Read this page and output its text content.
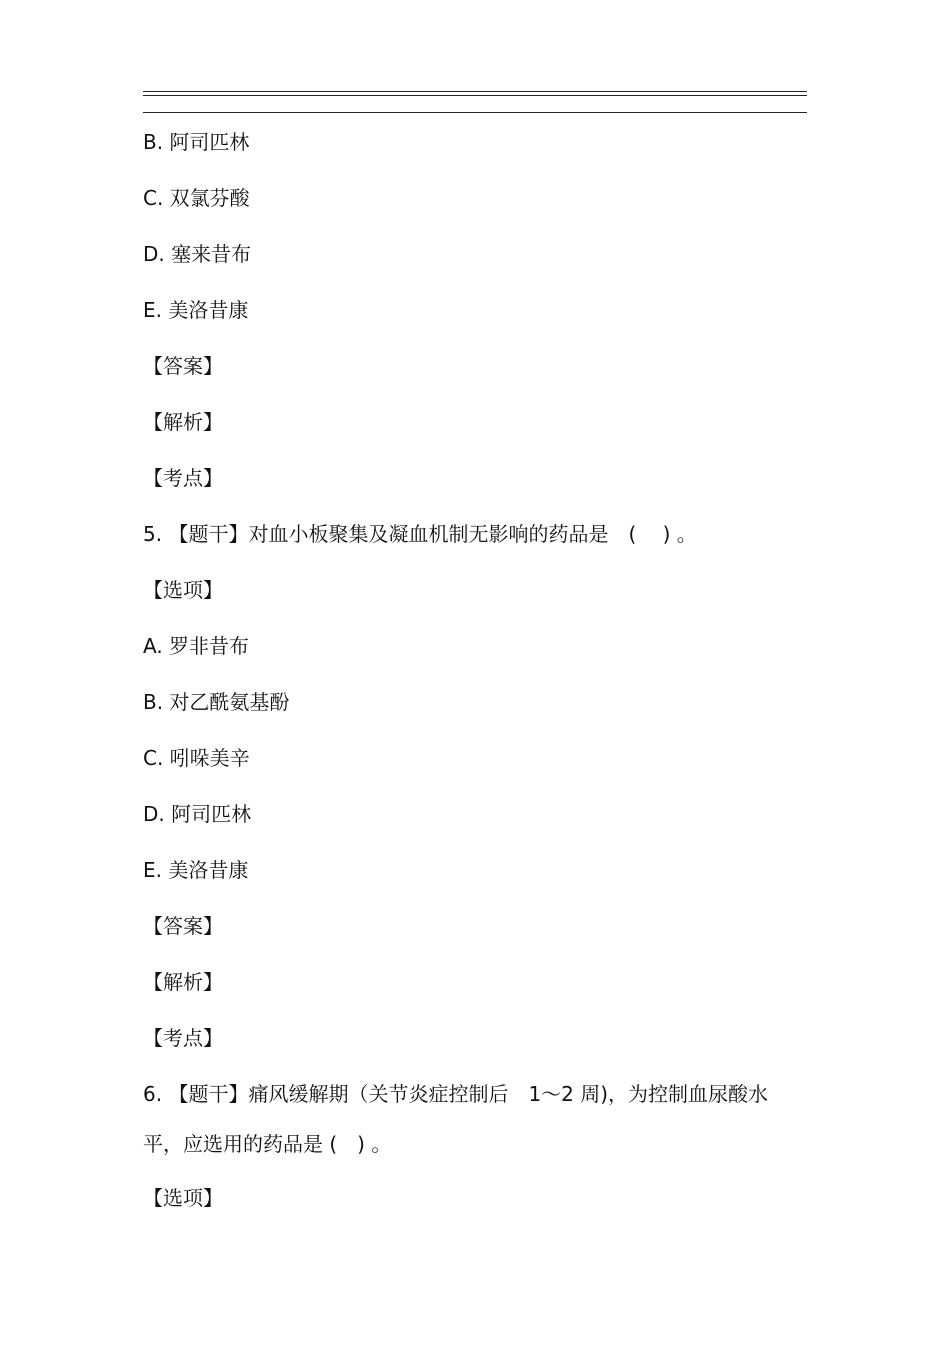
B. 阿司匹林
C. 双氯芬酸
D. 塞来昔布
E. 美洛昔康
【答案】
【解析】
【考点】
5. 【题干】对血小板聚集及凝血机制无影响的药品是　( 　) 。
【选项】
A. 罗非昔布
B. 对乙酰氨基酚
C. 吲哚美辛
D. 阿司匹林
E. 美洛昔康
【答案】
【解析】
【考点】
6. 【题干】痛风缓解期（关节炎症控制后　1～2 周)，为控制血尿酸水
平，应选用的药品是 (　) 。
【选项】
